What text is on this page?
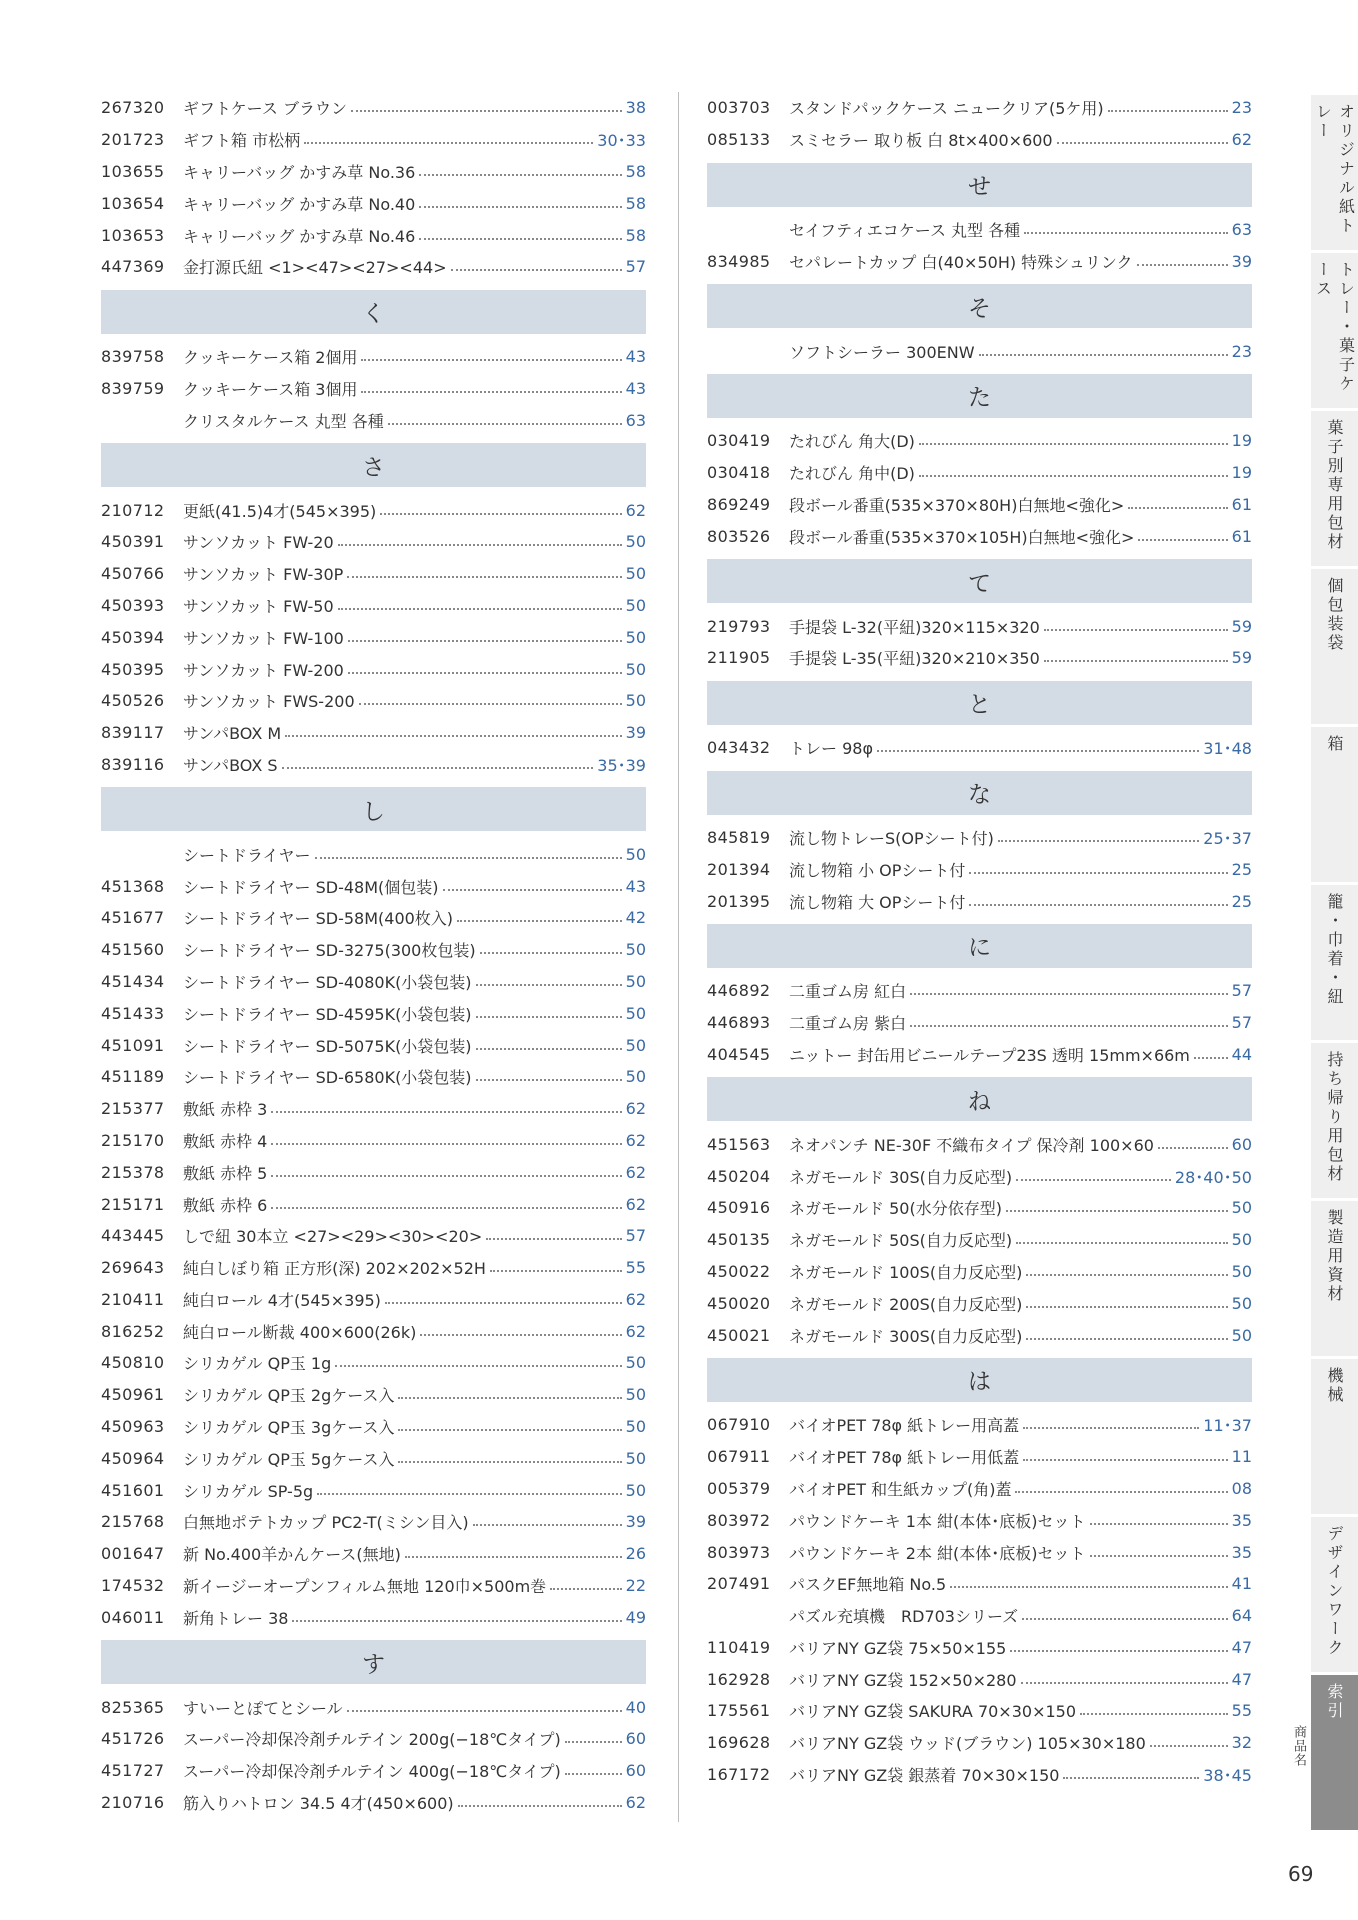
267320	ギフトケース ブラウン	38
201723	ギフト箱 市松柄	30･33
103655	キャリーバッグ かすみ草 No.36	58
103654	キャリーバッグ かすみ草 No.40	58
103653	キャリーバッグ かすみ草 No.46	58
447369	金打源氏紐 <1><47><27><44>	57
く
839758	クッキーケース箱 2個用	43
839759	クッキーケース箱 3個用	43
クリスタルケース 丸型 各種	63
さ
210712	更紙(41.5)4才(545×395)	62
450391	サンソカット FW-20	50
450766	サンソカット FW-30P	50
450393	サンソカット FW-50	50
450394	サンソカット FW-100	50
450395	サンソカット FW-200	50
450526	サンソカット FWS-200	50
839117	サンパBOX M	39
839116	サンパBOX S	35･39
し
シートドライヤー	50
451368	シートドライヤー SD-48M(個包装)	43
451677	シートドライヤー SD-58M(400枚入)	42
451560	シートドライヤー SD-3275(300枚包装)	50
451434	シートドライヤー SD-4080K(小袋包装)	50
451433	シートドライヤー SD-4595K(小袋包装)	50
451091	シートドライヤー SD-5075K(小袋包装)	50
451189	シートドライヤー SD-6580K(小袋包装)	50
215377	敷紙 赤枠 3	62
215170	敷紙 赤枠 4	62
215378	敷紙 赤枠 5	62
215171	敷紙 赤枠 6	62
443445	しで紐 30本立 <27><29><30><20>	57
269643	純白しぼり箱 正方形(深) 202×202×52H	55
210411	純白ロール 4才(545×395)	62
816252	純白ロール断裁 400×600(26k)	62
450810	シリカゲル QP玉 1g	50
450961	シリカゲル QP玉 2gケース入	50
450963	シリカゲル QP玉 3gケース入	50
450964	シリカゲル QP玉 5gケース入	50
451601	シリカゲル SP-5g	50
215768	白無地ポテトカップ PC2-T(ミシン目入)	39
001647	新 No.400羊かんケース(無地)	26
174532	新イージーオープンフィルム無地 120巾×500m巻	22
046011	新角トレー 38	49
す
825365	すいーとぽてとシール	40
451726	スーパー冷却保冷剤チルテイン 200g(−18℃タイプ)	60
451727	スーパー冷却保冷剤チルテイン 400g(−18℃タイプ)	60
210716	筋入りハトロン 34.5 4才(450×600)	62
003703	スタンドパックケース ニュークリア(5ケ用)	23
085133	スミセラー 取り板 白 8t×400×600	62
せ
セイフティエコケース 丸型 各種	63
834985	セパレートカップ 白(40×50H) 特殊シュリンク	39
そ
ソフトシーラー 300ENW	23
た
030419	たれびん 角大(D)	19
030418	たれびん 角中(D)	19
869249	段ボール番重(535×370×80H)白無地<強化>	61
803526	段ボール番重(535×370×105H)白無地<強化>	61
て
219793	手提袋 L-32(平紐)320×115×320	59
211905	手提袋 L-35(平紐)320×210×350	59
と
043432	トレー 98φ	31･48
な
845819	流し物トレーS(OPシート付)	25･37
201394	流し物箱 小 OPシート付	25
201395	流し物箱 大 OPシート付	25
に
446892	二重ゴム房 紅白	57
446893	二重ゴム房 紫白	57
404545	ニットー 封缶用ビニールテープ23S 透明 15mm×66m	44
ね
451563	ネオパンチ NE-30F 不織布タイプ 保冷剤 100×60	60
450204	ネガモールド 30S(自力反応型)	28･40･50
450916	ネガモールド 50(水分依存型)	50
450135	ネガモールド 50S(自力反応型)	50
450022	ネガモールド 100S(自力反応型)	50
450020	ネガモールド 200S(自力反応型)	50
450021	ネガモールド 300S(自力反応型)	50
は
067910	バイオPET 78φ 紙トレー用高蓋	11･37
067911	バイオPET 78φ 紙トレー用低蓋	11
005379	バイオPET 和生紙カップ(角)蓋	08
803972	パウンドケーキ 1本 紺(本体･底板)セット	35
803973	パウンドケーキ 2本 紺(本体･底板)セット	35
207491	パスクEF無地箱 No.5	41
パズル充填機　RD703シリーズ	64
110419	バリアNY GZ袋 75×50×155	47
162928	バリアNY GZ袋 152×50×280	47
175561	バリアNY GZ袋 SAKURA 70×30×150	55
169628	バリアNY GZ袋 ウッド(ブラウン) 105×30×180	32
167172	バリアNY GZ袋 銀蒸着 70×30×150	38･45
オリジナル紙トレー
トレー・菓子ケース
菓子別専用包材
個包装袋
箱
籠・巾着・紐
持ち帰り用包材
製造用資材
機械
デザインワーク
索引
商品名
69
